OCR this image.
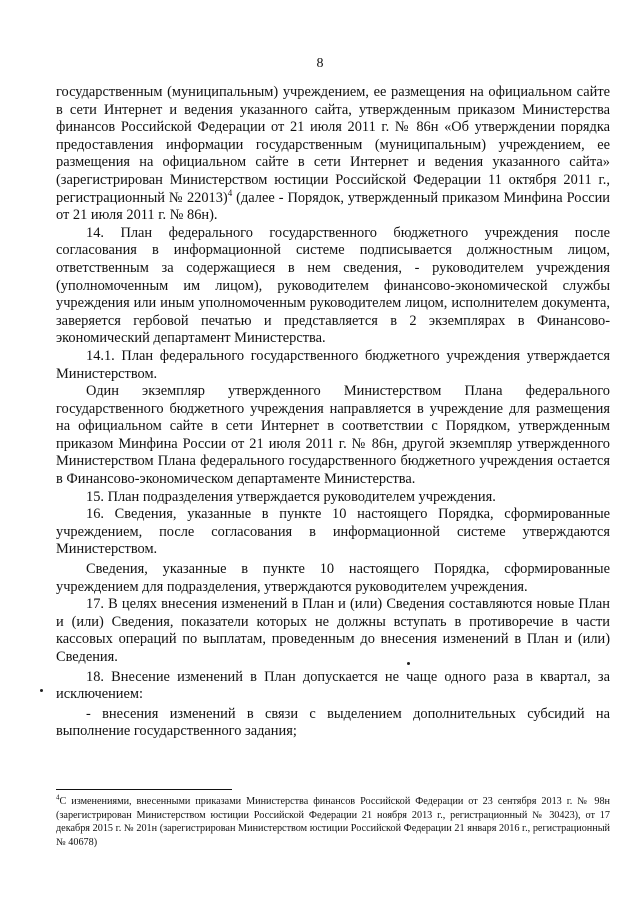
8

государственным (муниципальным) учреждением, ее размещения на официальном сайте в сети Интернет и ведения указанного сайта, утвержденным приказом Министерства финансов Российской Федерации от 21 июля 2011 г. № 86н «Об утверждении порядка предоставления информации государственным (муниципальным) учреждением, ее размещения на официальном сайте в сети Интернет и ведения указанного сайта» (зарегистрирован Министерством юстиции Российской Федерации 11 октября 2011 г., регистрационный № 22013)$^4$ (далее - Порядок, утвержденный приказом Минфина России от 21 июля 2011 г. № 86н).

14. План федерального государственного бюджетного учреждения после согласования в информационной системе подписывается должностным лицом, ответственным за содержащиеся в нем сведения, - руководителем учреждения (уполномоченным им лицом), руководителем финансово-экономической службы учреждения или иным уполномоченным руководителем лицом, исполнителем документа, заверяется гербовой печатью и представляется в 2 экземплярах в Финансово-экономический департамент Министерства.

14.1. План федерального государственного бюджетного учреждения утверждается Министерством.

Один экземпляр утвержденного Министерством Плана федерального государственного бюджетного учреждения направляется в учреждение для размещения на официальном сайте в сети Интернет в соответствии с Порядком, утвержденным приказом Минфина России от 21 июля 2011 г. № 86н, другой экземпляр утвержденного Министерством Плана федерального государственного бюджетного учреждения остается в Финансово-экономическом департаменте Министерства.

15. План подразделения утверждается руководителем учреждения.

16. Сведения, указанные в пункте 10 настоящего Порядка, сформированные учреждением, после согласования в информационной системе утверждаются Министерством.

Сведения, указанные в пункте 10 настоящего Порядка, сформированные учреждением для подразделения, утверждаются руководителем учреждения.

17. В целях внесения изменений в План и (или) Сведения составляются новые План и (или) Сведения, показатели которых не должны вступать в противоречие в части кассовых операций по выплатам, проведенным до внесения изменений в План и (или) Сведения.

18. Внесение изменений в План допускается не чаще одного раза в квартал, за исключением:

- внесения изменений в связи с выделением дополнительных субсидий на выполнение государственного задания;

$^4$С изменениями, внесенными приказами Министерства финансов Российской Федерации от 23 сентября 2013 г. № 98н (зарегистрирован Министерством юстиции Российской Федерации 21 ноября 2013 г., регистрационный № 30423), от 17 декабря 2015 г. № 201н (зарегистрирован Министерством юстиции Российской Федерации 21 января 2016 г., регистрационный № 40678)
